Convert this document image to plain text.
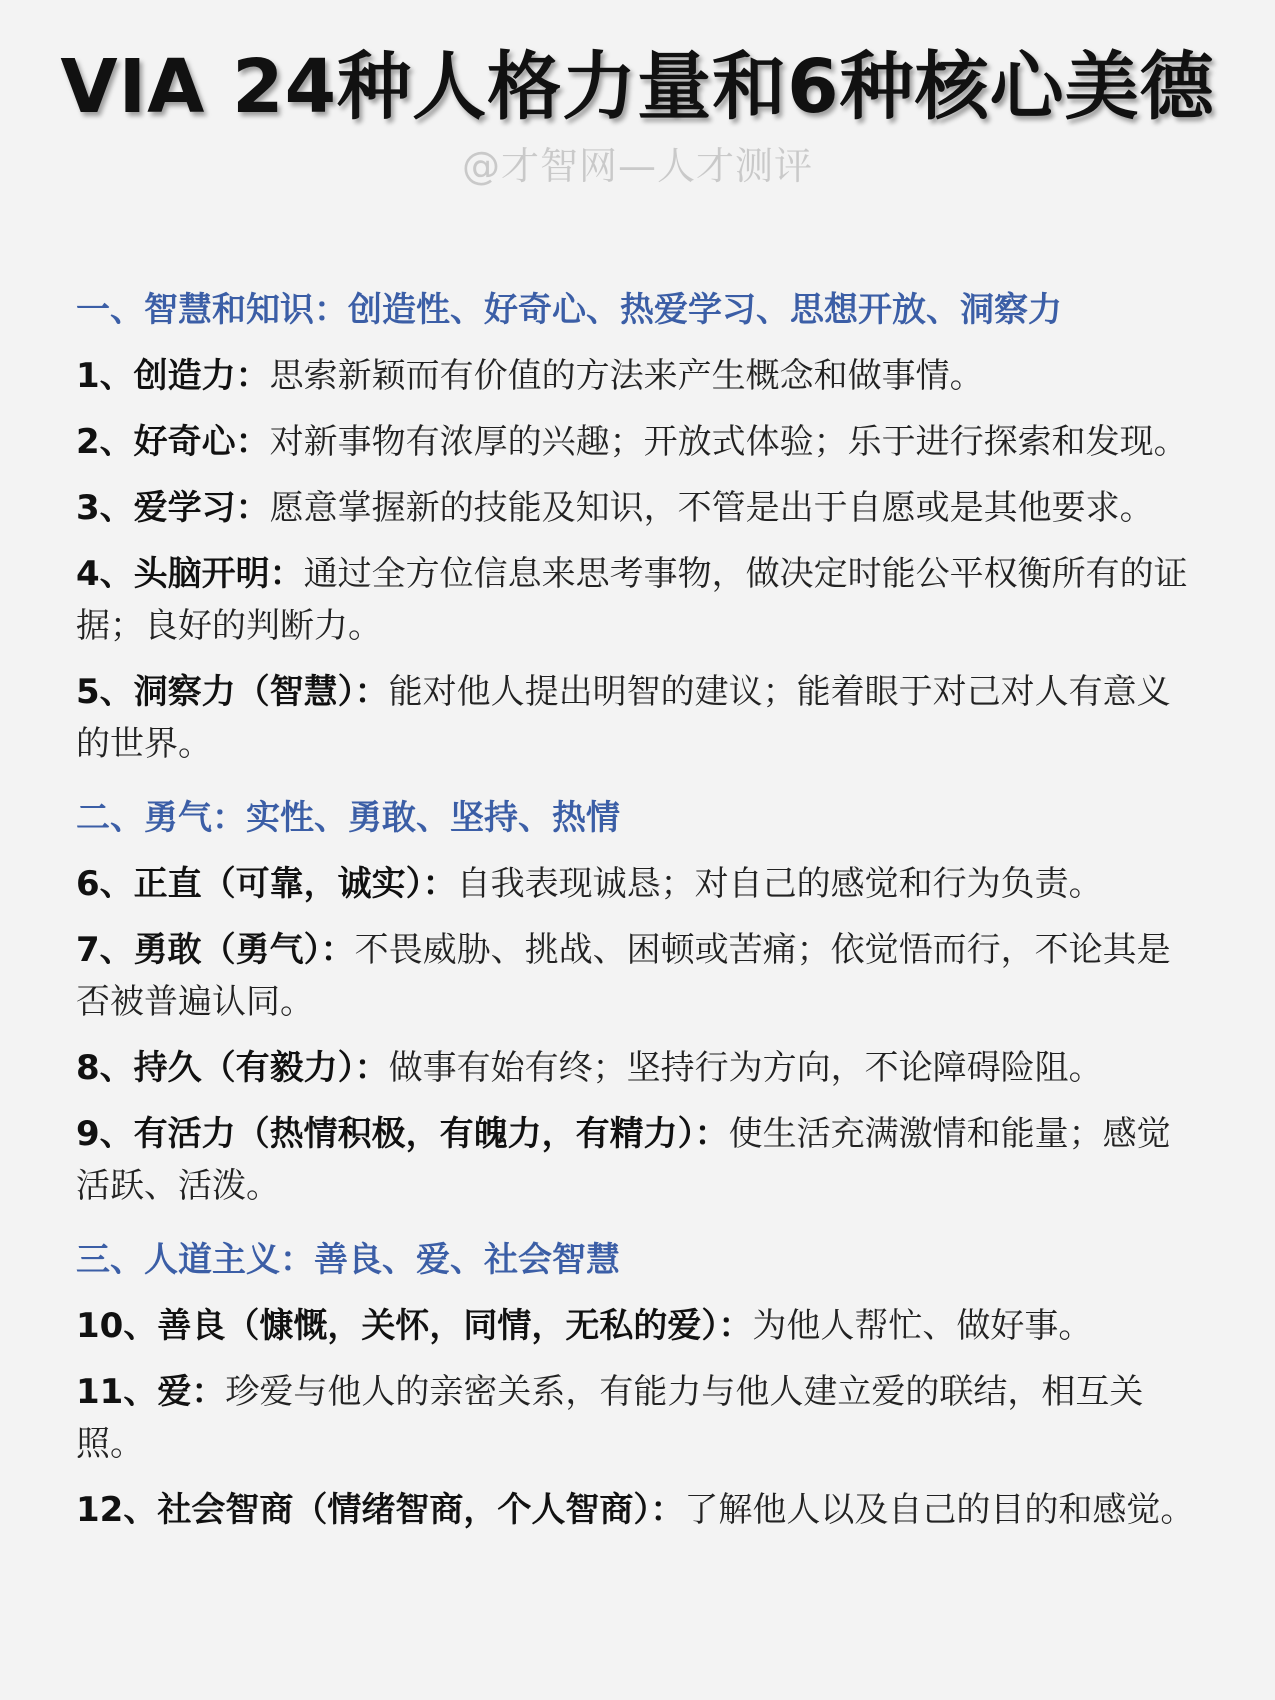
VIA 24种人格力量和6种核心美德
@才智网—人才测评
一、智慧和知识：创造性、好奇心、热爱学习、思想开放、洞察力
1、创造力：思索新颖而有价值的方法来产生概念和做事情。
2、好奇心：对新事物有浓厚的兴趣；开放式体验；乐于进行探索和发现。
3、爱学习：愿意掌握新的技能及知识，不管是出于自愿或是其他要求。
4、头脑开明：通过全方位信息来思考事物，做决定时能公平权衡所有的证据；良好的判断力。
5、洞察力（智慧）：能对他人提出明智的建议；能着眼于对己对人有意义的世界。
二、勇气：实性、勇敢、坚持、热情
6、正直（可靠，诚实）：自我表现诚恳；对自己的感觉和行为负责。
7、勇敢（勇气）：不畏威胁、挑战、困顿或苦痛；依觉悟而行，不论其是否被普遍认同。
8、持久（有毅力）：做事有始有终；坚持行为方向，不论障碍险阻。
9、有活力（热情积极，有魄力，有精力）：使生活充满激情和能量；感觉活跃、活泼。
三、人道主义：善良、爱、社会智慧
10、善良（慷慨，关怀，同情，无私的爱）：为他人帮忙、做好事。
11、爱：珍爱与他人的亲密关系，有能力与他人建立爱的联结，相互关照。
12、社会智商（情绪智商，个人智商）：了解他人以及自己的目的和感觉。
